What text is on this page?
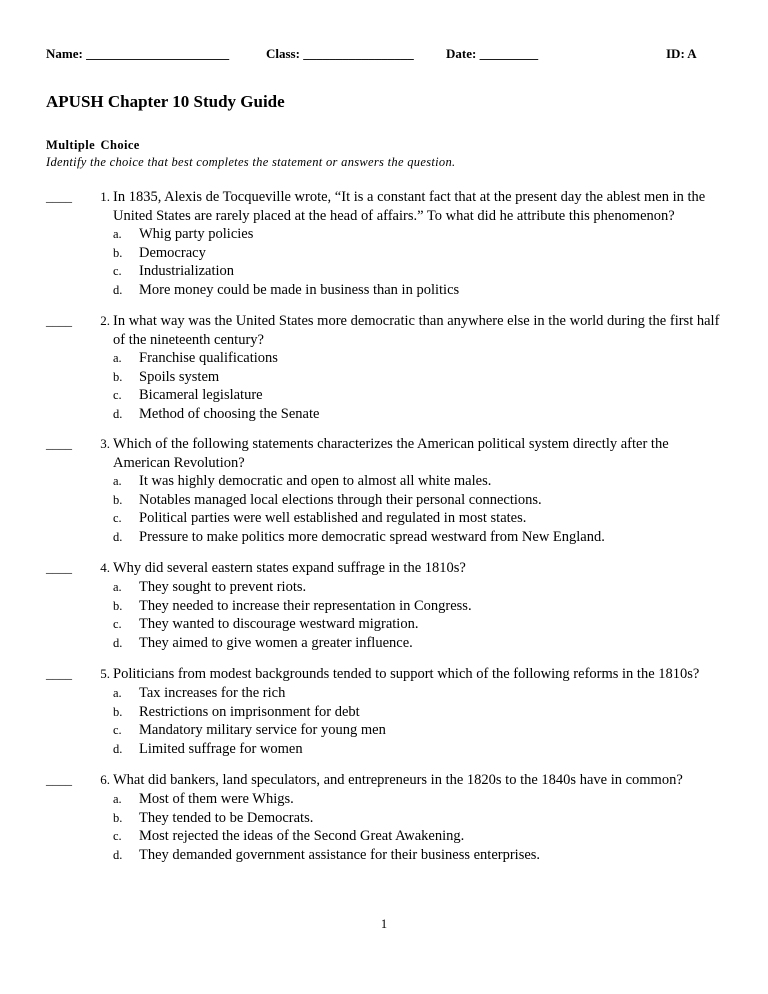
Name: ______________________	Class: _________________ Date: _________	ID: A
APUSH Chapter 10 Study Guide
Multiple Choice
Identify the choice that best completes the statement or answers the question.
____	1. In 1835, Alexis de Tocqueville wrote, “It is a constant fact that at the present day the ablest men in the United States are rarely placed at the head of affairs.” To what did he attribute this phenomenon?
a. Whig party policies
b. Democracy
c. Industrialization
d. More money could be made in business than in politics
____	2. In what way was the United States more democratic than anywhere else in the world during the first half of the nineteenth century?
a. Franchise qualifications
b. Spoils system
c. Bicameral legislature
d. Method of choosing the Senate
____	3. Which of the following statements characterizes the American political system directly after the American Revolution?
a. It was highly democratic and open to almost all white males.
b. Notables managed local elections through their personal connections.
c. Political parties were well established and regulated in most states.
d. Pressure to make politics more democratic spread westward from New England.
____	4. Why did several eastern states expand suffrage in the 1810s?
a. They sought to prevent riots.
b. They needed to increase their representation in Congress.
c. They wanted to discourage westward migration.
d. They aimed to give women a greater influence.
____	5. Politicians from modest backgrounds tended to support which of the following reforms in the 1810s?
a. Tax increases for the rich
b. Restrictions on imprisonment for debt
c. Mandatory military service for young men
d. Limited suffrage for women
____	6. What did bankers, land speculators, and entrepreneurs in the 1820s to the 1840s have in common?
a. Most of them were Whigs.
b. They tended to be Democrats.
c. Most rejected the ideas of the Second Great Awakening.
d. They demanded government assistance for their business enterprises.
1
